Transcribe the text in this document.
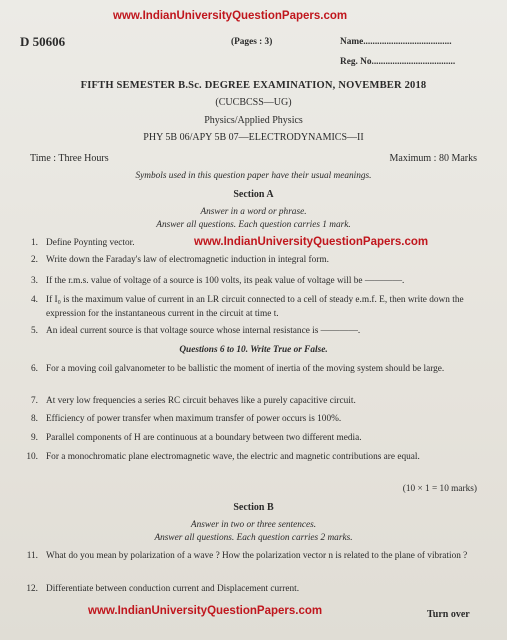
www.IndianUniversityQuestionPapers.com
D 50606	(Pages : 3)	Name......................................
Reg. No....................................
FIFTH SEMESTER B.Sc. DEGREE EXAMINATION, NOVEMBER 2018
(CUCBCSS—UG)
Physics/Applied Physics
PHY 5B 06/APY 5B 07—ELECTRODYNAMICS—II
Time : Three Hours	Maximum : 80 Marks
Symbols used in this question paper have their usual meanings.
Section A
Answer in a word or phrase.
Answer all questions. Each question carries 1 mark.
1. Define Poynting vector.	www.IndianUniversityQuestionPapers.com
2. Write down the Faraday's law of electromagnetic induction in integral form.
3. If the r.m.s. value of voltage of a source is 100 volts, its peak value of voltage will be ————.
4. If I₀ is the maximum value of current in an LR circuit connected to a cell of steady e.m.f. E, then write down the expression for the instantaneous current in the circuit at time t.
5. An ideal current source is that voltage source whose internal resistance is ————.
Questions 6 to 10. Write True or False.
6. For a moving coil galvanometer to be ballistic the moment of inertia of the moving system should be large.
7. At very low frequencies a series RC circuit behaves like a purely capacitive circuit.
8. Efficiency of power transfer when maximum transfer of power occurs is 100%.
9. Parallel components of H are continuous at a boundary between two different media.
10. For a monochromatic plane electromagnetic wave, the electric and magnetic contributions are equal.
(10 × 1 = 10 marks)
Section B
Answer in two or three sentences.
Answer all questions. Each question carries 2 marks.
11. What do you mean by polarization of a wave ? How the polarization vector n is related to the plane of vibration ?
12. Differentiate between conduction current and Displacement current.
www.IndianUniversityQuestionPapers.com	Turn over
